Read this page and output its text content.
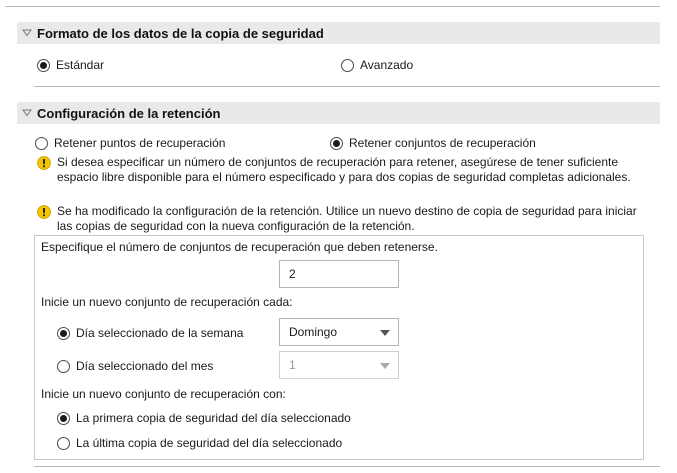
Formato de los datos de la copia de seguridad
Estándar	Avanzado
Configuración de la retención
Retener puntos de recuperación	Retener conjuntos de recuperación
Si desea especificar un número de conjuntos de recuperación para retener, asegúrese de tener suficiente espacio libre disponible para el número especificado y para dos copias de seguridad completas adicionales.
Se ha modificado la configuración de la retención. Utilice un nuevo destino de copia de seguridad para iniciar las copias de seguridad con la nueva configuración de la retención.
Especifique el número de conjuntos de recuperación que deben retenerse.
2
Inicie un nuevo conjunto de recuperación cada:
Día seleccionado de la semana	Domingo
Día seleccionado del mes	1
Inicie un nuevo conjunto de recuperación con:
La primera copia de seguridad del día seleccionado
La última copia de seguridad del día seleccionado
